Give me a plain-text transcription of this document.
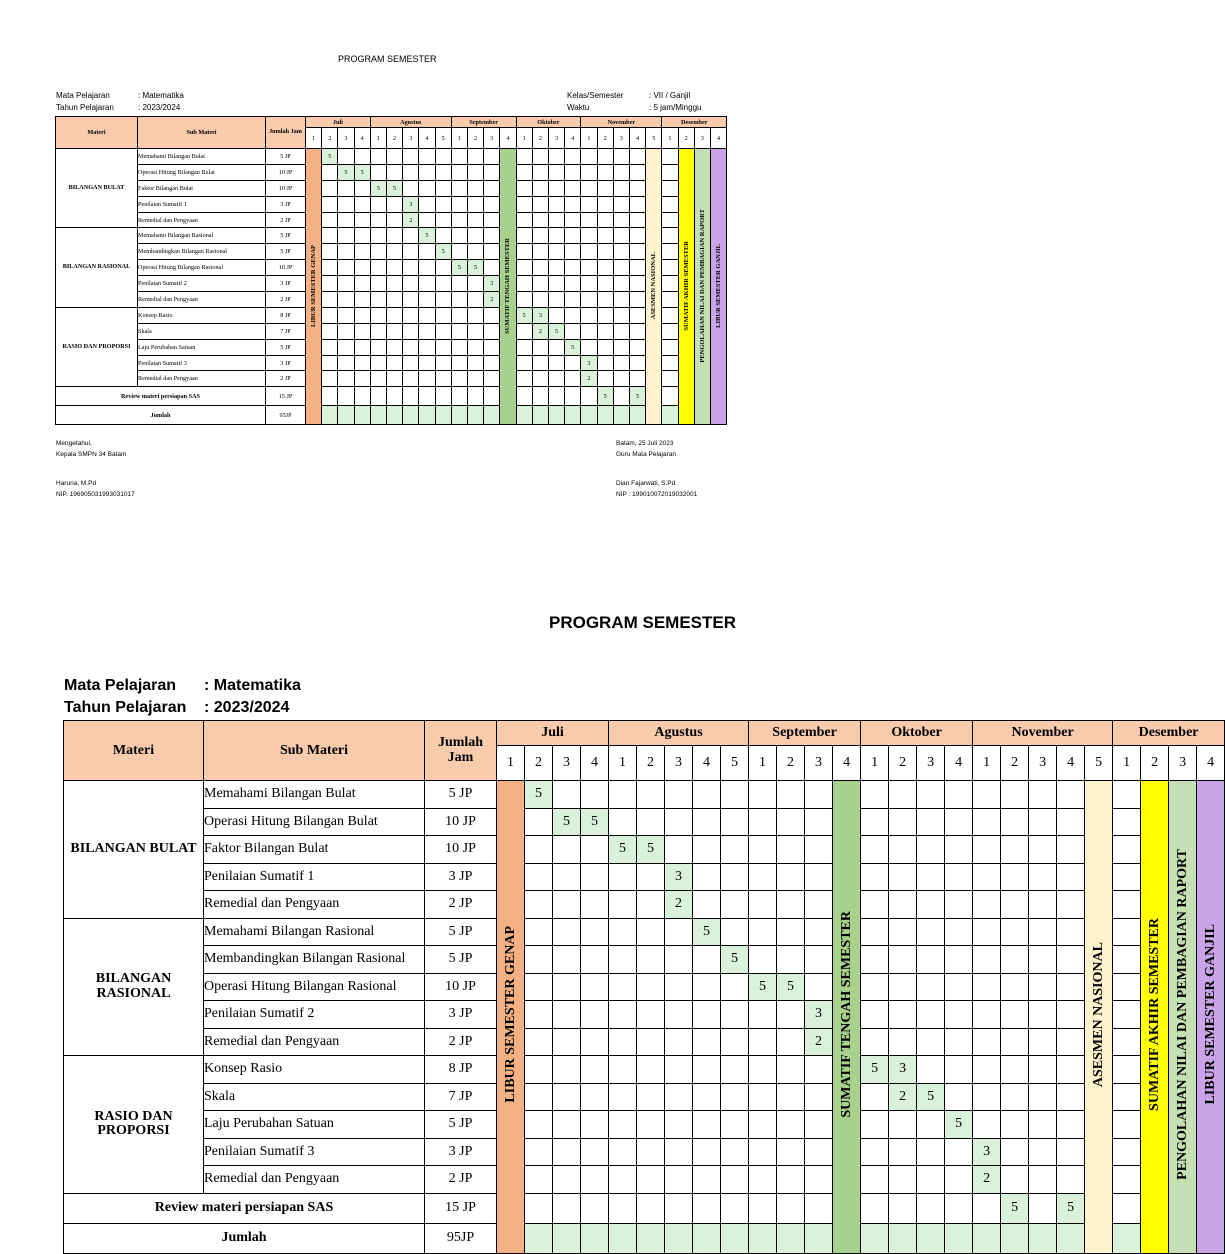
PROGRAM SEMESTER
Mata Pelajaran	: Matematika
Tahun Pelajaran	: 2023/2024
Kelas/Semester	: VII / Ganjil
Waktu	: 5 jam/Minggu
Materi	Sub Materi	Jumlah Jam	Juli				Agustus					September				Oktober				November					Desember			
			1	2	3	4	1	2	3	4	5	1	2	3	4	1	2	3	4	1	2	3	4	5	1	2	3	4
BILANGAN BULAT	Memahami Bilangan Bulat	5 JP	LIBUR SEMESTER GENAP	5											SUMATIF TENGAH SEMESTER									ASESMEN NASIONAL		SUMATIF AKHIR SEMESTER	PENGOLAHAN NILAI DAN PEMBAGIAN RAPORT	LIBUR SEMESTER GANJIL
	Operasi Hitung Bilangan Bulat	10 JP			5	5																						
	Faktor Bilangan Bulat	10 JP					5	5																				
	Penilaian Sumatif 1	3 JP							3																			
	Remedial dan Pengyaan	2 JP							2																			
BILANGAN RASIONAL	Memahami Bilangan Rasional	5 JP								5																		
	Membandingkan Bilangan Rasional	5 JP									5																	
	Operasi Hitung Bilangan Rasional	10 JP										5	5															
	Penilaian Sumatif 2	3 JP												3														
	Remedial dan Pengyaan	2 JP												2														
RASIO DAN PROPORSI	Konsep Rasio	8 JP														5	3											
	Skala	7 JP															2	5										
	Laju Perubahan Satuan	5 JP																	5									
	Penilaian Sumatif 3	3 JP																		3								
	Remedial dan Pengyaan	2 JP																		2								
Review materi persiapan SAS		15 JP																			5		5					
Jumlah		95JP																										
Mengetahui,
Kepala SMPN 34 Batam
Haruna, M.Pd
NIP. 196905031993031017
Batam, 25 Juli 2023
Guru Mata Pelajaran
Dian Fajarwati, S.Pd
NIP : 199010072019032001
PROGRAM SEMESTER
Mata Pelajaran : Matematika
Tahun Pelajaran : 2023/2024
Materi	Sub Materi	Jumlah Jam	Juli				Agustus					September				Oktober				November					Desember			
			1	2	3	4	1	2	3	4	5	1	2	3	4	1	2	3	4	1	2	3	4	5	1	2	3	4
BILANGAN BULAT	Memahami Bilangan Bulat	5 JP	LIBUR SEMESTER GENAP	5											SUMATIF TENGAH SEMESTER									ASESMEN NASIONAL		SUMATIF AKHIR SEMESTER	PENGOLAHAN NILAI DAN PEMBAGIAN RAPORT	LIBUR SEMESTER GANJIL
	Operasi Hitung Bilangan Bulat	10 JP			5	5																						
	Faktor Bilangan Bulat	10 JP					5	5																				
	Penilaian Sumatif 1	3 JP							3																			
	Remedial dan Pengyaan	2 JP							2																			
BILANGAN RASIONAL	Memahami Bilangan Rasional	5 JP								5																		
	Membandingkan Bilangan Rasional	5 JP									5																	
	Operasi Hitung Bilangan Rasional	10 JP										5	5															
	Penilaian Sumatif 2	3 JP												3														
	Remedial dan Pengyaan	2 JP												2														
RASIO DAN PROPORSI	Konsep Rasio	8 JP														5	3											
	Skala	7 JP															2	5										
	Laju Perubahan Satuan	5 JP																	5									
	Penilaian Sumatif 3	3 JP																		3								
	Remedial dan Pengyaan	2 JP																		2								
Review materi persiapan SAS		15 JP																			5		5					
Jumlah		95JP																										
